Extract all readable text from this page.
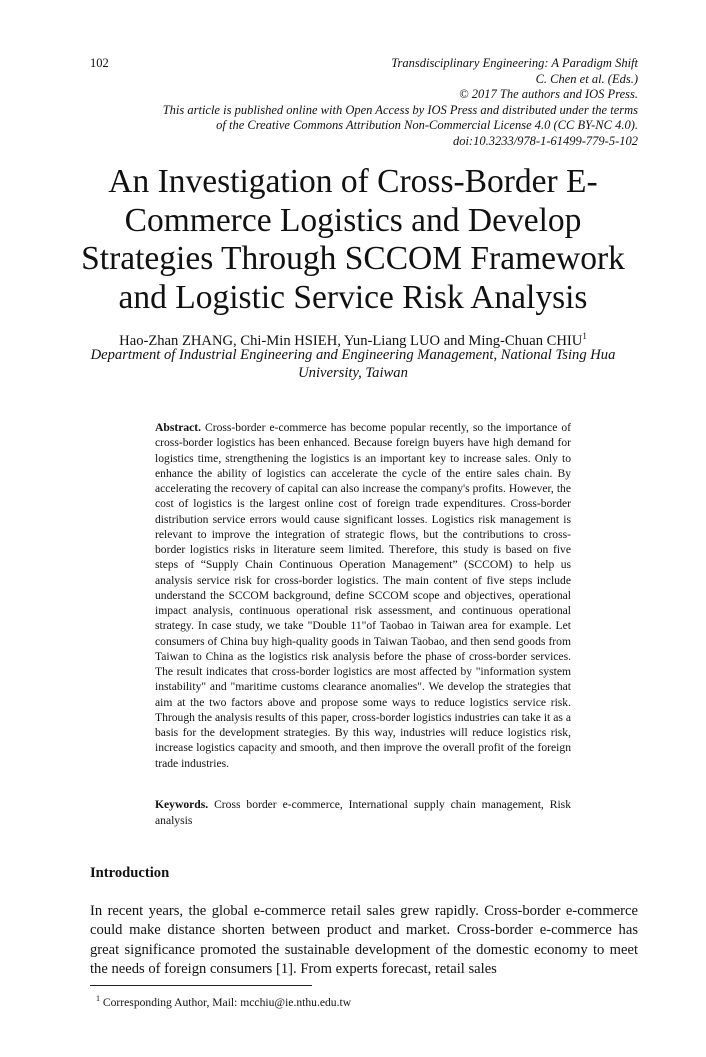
102	Transdisciplinary Engineering: A Paradigm Shift
C. Chen et al. (Eds.)
© 2017 The authors and IOS Press.
This article is published online with Open Access by IOS Press and distributed under the terms
of the Creative Commons Attribution Non-Commercial License 4.0 (CC BY-NC 4.0).
doi:10.3233/978-1-61499-779-5-102
An Investigation of Cross-Border E-
Commerce Logistics and Develop
Strategies Through SCCOM Framework
and Logistic Service Risk Analysis
Hao-Zhan ZHANG, Chi-Min HSIEH, Yun-Liang LUO and Ming-Chuan CHIU$^1$
Department of Industrial Engineering and Engineering Management, National Tsing Hua University, Taiwan
Abstract. Cross-border e-commerce has become popular recently, so the importance of cross-border logistics has been enhanced. Because foreign buyers have high demand for logistics time, strengthening the logistics is an important key to increase sales. Only to enhance the ability of logistics can accelerate the cycle of the entire sales chain. By accelerating the recovery of capital can also increase the company's profits. However, the cost of logistics is the largest online cost of foreign trade expenditures. Cross-border distribution service errors would cause significant losses. Logistics risk management is relevant to improve the integration of strategic flows, but the contributions to cross-border logistics risks in literature seem limited. Therefore, this study is based on five steps of “Supply Chain Continuous Operation Management” (SCCOM) to help us analysis service risk for cross-border logistics. The main content of five steps include understand the SCCOM background, define SCCOM scope and objectives, operational impact analysis, continuous operational risk assessment, and continuous operational strategy. In case study, we take "Double 11"of Taobao in Taiwan area for example. Let consumers of China buy high-quality goods in Taiwan Taobao, and then send goods from Taiwan to China as the logistics risk analysis before the phase of cross-border services. The result indicates that cross-border logistics are most affected by "information system instability" and "maritime customs clearance anomalies". We develop the strategies that aim at the two factors above and propose some ways to reduce logistics service risk. Through the analysis results of this paper, cross-border logistics industries can take it as a basis for the development strategies. By this way, industries will reduce logistics risk, increase logistics capacity and smooth, and then improve the overall profit of the foreign trade industries.
Keywords. Cross border e-commerce, International supply chain management, Risk analysis
Introduction
In recent years, the global e-commerce retail sales grew rapidly. Cross-border e-commerce could make distance shorten between product and market. Cross-border e-commerce has great significance promoted the sustainable development of the domestic economy to meet the needs of foreign consumers [1]. From experts forecast, retail sales
$^1$ Corresponding Author, Mail: mcchiu@ie.nthu.edu.tw
